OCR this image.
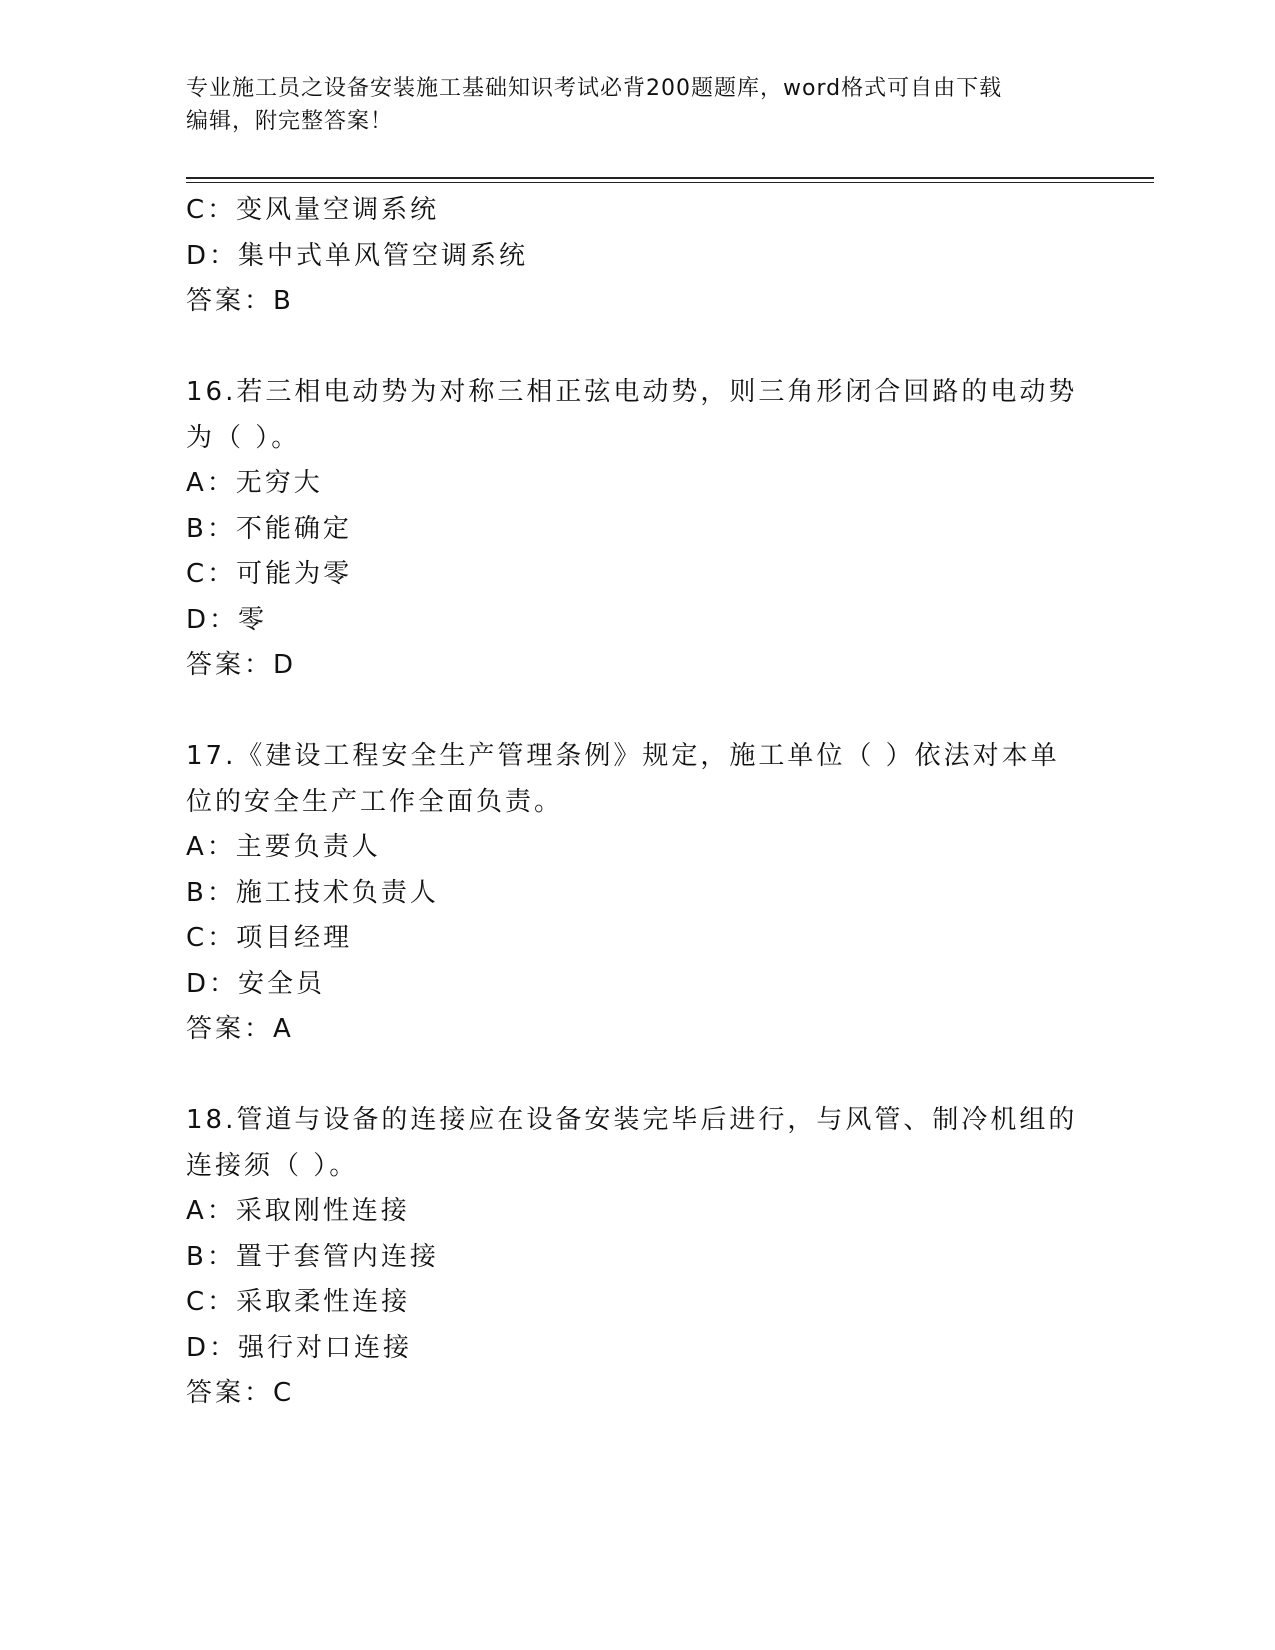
专业施工员之设备安装施工基础知识考试必背200题题库，word格式可自由下载
编辑，附完整答案！
C：变风量空调系统
D：集中式单风管空调系统
答案：B
16.若三相电动势为对称三相正弦电动势，则三角形闭合回路的电动势
为（ ）。
A：无穷大
B：不能确定
C：可能为零
D：零
答案：D
17.《建设工程安全生产管理条例》规定，施工单位（ ）依法对本单
位的安全生产工作全面负责。
A：主要负责人
B：施工技术负责人
C：项目经理
D：安全员
答案：A
18.管道与设备的连接应在设备安装完毕后进行，与风管、制冷机组的
连接须（ ）。
A：采取刚性连接
B：置于套管内连接
C：采取柔性连接
D：强行对口连接
答案：C
